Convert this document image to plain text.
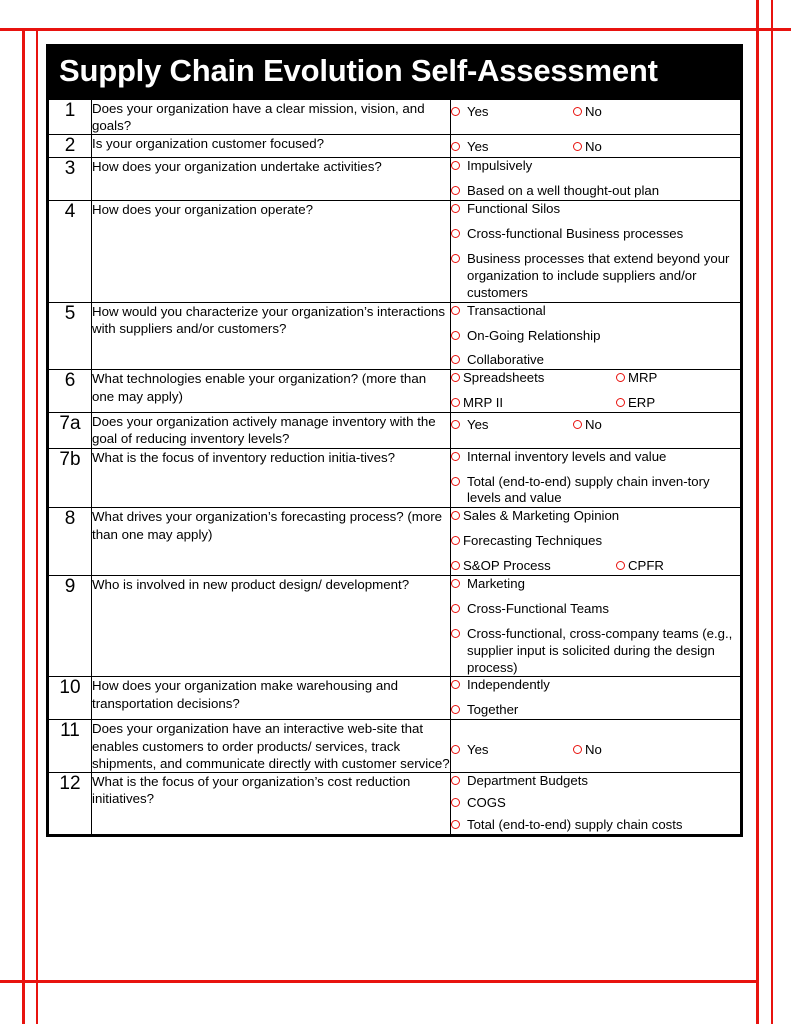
Supply Chain Evolution Self-Assessment
1	Does your organization have a clear mission, vision, and goals?	Yes No

2	Is your organization customer focused?	Yes No

3	How does your organization undertake activities?	Impulsively
Based on a well thought-out plan

4	How does your organization operate?	Functional Silos
Cross-functional Business processes
Business processes that extend beyond your organization to include suppliers and/or customers

5	How would you characterize your organization’s interactions with suppliers and/or customers?	Transactional
On-Going Relationship
Collaborative

6	What technologies enable your organization? (more than one may apply)	Spreadsheets MRP
MRP II ERP

7a	Does your organization actively manage inventory with the goal of reducing inventory levels?	Yes No

7b	What is the focus of inventory reduction initia-tives?	Internal inventory levels and value
Total (end-to-end) supply chain inven-tory levels and value

8	What drives your organization’s forecasting process? (more than one may apply)	Sales & Marketing Opinion
Forecasting Techniques
S&OP Process CPFR

9	Who is involved in new product design/ development?	Marketing
Cross-Functional Teams
Cross-functional, cross-company teams (e.g., supplier input is solicited during the design process)

10	How does your organization make warehousing and transportation decisions?	Independently
Together

11	Does your organization have an interactive web-site that enables customers to order products/ services, track shipments, and communicate directly with customer service?	Yes No

12	What is the focus of your organization’s cost reduction initiatives?	Department Budgets
COGS
Total (end-to-end) supply chain costs
